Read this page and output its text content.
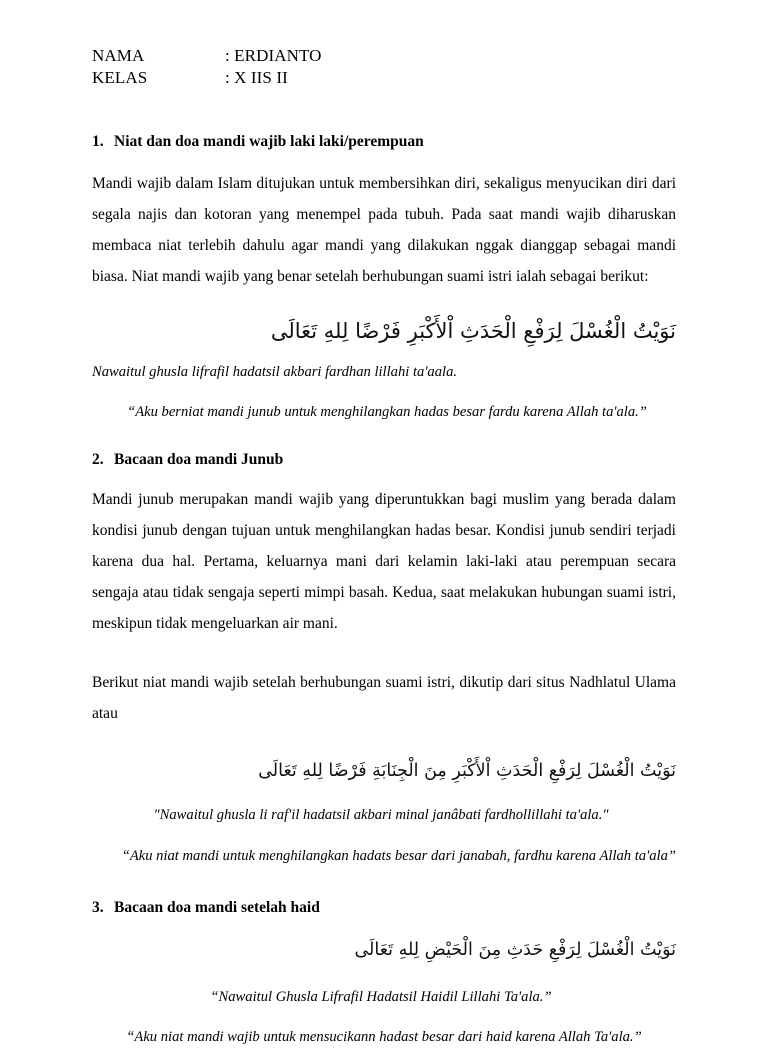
NAMA	: ERDIANTO
KELAS	: X IIS II
1. Niat dan doa mandi wajib laki laki/perempuan

Mandi wajib dalam Islam ditujukan untuk membersihkan diri, sekaligus menyucikan diri dari segala najis dan kotoran yang menempel pada tubuh. Pada saat mandi wajib diharuskan membaca niat terlebih dahulu agar mandi yang dilakukan nggak dianggap sebagai mandi biasa. Niat mandi wajib yang benar setelah berhubungan suami istri ialah sebagai berikut:

نَوَيْتُ الْغُسْلَ لِرَفْعِ الْحَدَثِ اْلأَكْبَرِ فَرْضًا لِلهِ تَعَالَى
Nawaitul ghusla lifrafil hadatsil akbari fardhan lillahi ta'aala.
“Aku berniat mandi junub untuk menghilangkan hadas besar fardu karena Allah ta'ala.”
2. Bacaan doa mandi Junub

Mandi junub merupakan mandi wajib yang diperuntukkan bagi muslim yang berada dalam kondisi junub dengan tujuan untuk menghilangkan hadas besar. Kondisi junub sendiri terjadi karena dua hal. Pertama, keluarnya mani dari kelamin laki-laki atau perempuan secara sengaja atau tidak sengaja seperti mimpi basah. Kedua, saat melakukan hubungan suami istri, meskipun tidak mengeluarkan air mani.

Berikut niat mandi wajib setelah berhubungan suami istri, dikutip dari situs Nadhlatul Ulama atau

نَوَيْتُ الْغُسْلَ لِرَفْعِ الْحَدَثِ اْلأَكْبَرِ مِنَ الْجِنَابَةِ فَرْضًا لِلهِ تَعَالَى
"Nawaitul ghusla li raf'il hadatsil akbari minal janâbati fardhollillahi ta'ala."
“Aku niat mandi untuk menghilangkan hadats besar dari janabah, fardhu karena Allah ta'ala”
3. Bacaan doa mandi setelah haid
نَوَيْتُ الْغُسْلَ لِرَفْعِ حَدَثِ مِنَ الْحَيْضِ لِلهِ تَعَالَى
“Nawaitul Ghusla Lifrafil Hadatsil Haidil Lillahi Ta'ala.”
“Aku niat mandi wajib untuk mensucikann hadast besar dari haid karena Allah Ta'ala.”
